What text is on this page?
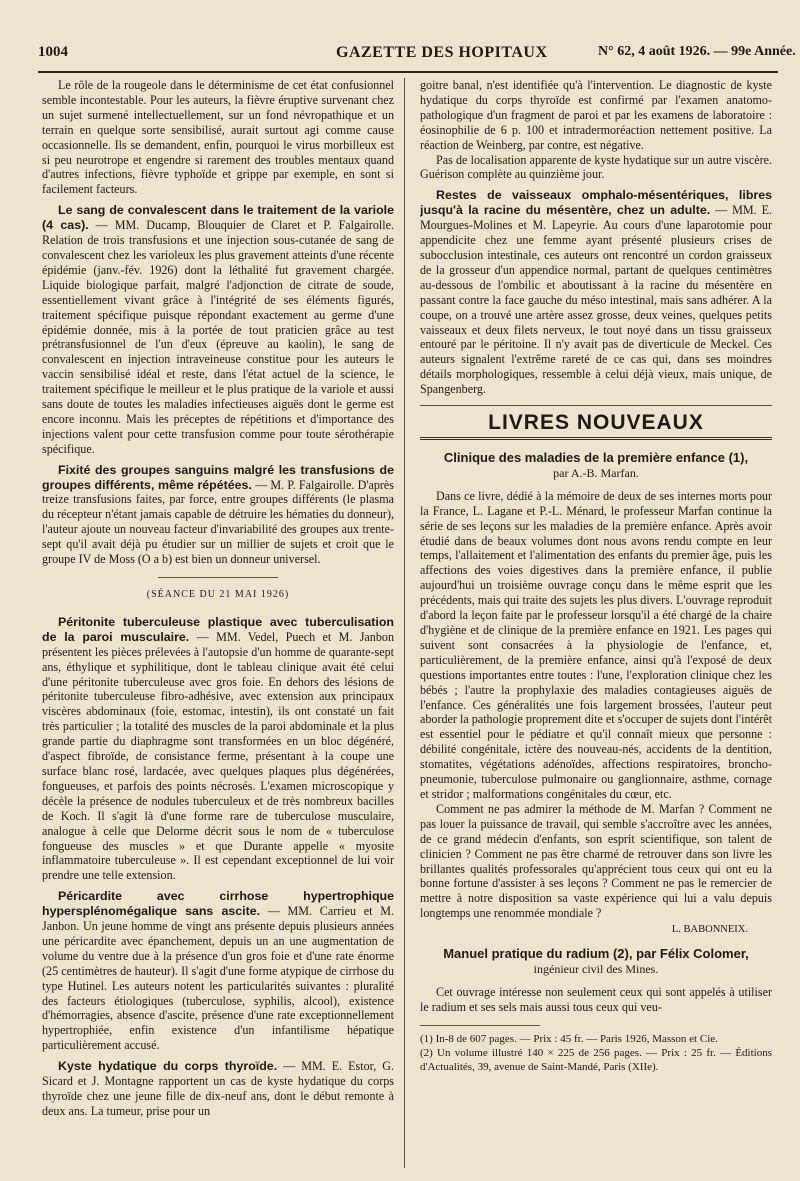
1004	GAZETTE DES HOPITAUX	N° 62, 4 août 1926. — 99e Année.

Le rôle de la rougeole dans le déterminisme de cet état confusionnel semble incontestable. Pour les auteurs, la fièvre éruptive survenant chez un sujet surmené intellectuellement, sur un fond névropathique et un terrain en quelque sorte sensibilisé, aurait surtout agi comme cause occasionnelle. Ils se demandent, enfin, pourquoi le virus morbilleux est si peu neurotrope et engendre si rarement des troubles mentaux quand d'autres infections, fièvre typhoïde et grippe par exemple, en sont si facilement facteurs.

Le sang de convalescent dans le traitement de la variole (4 cas). — MM. Ducamp, Blouquier de Claret et P. Falgairolle. Relation de trois transfusions et une injection sous-cutanée de sang de convalescent chez les varioleux les plus gravement atteints d'une récente épidémie (janv.-fév. 1926) dont la léthalité fut gravement chargée. Liquide biologique parfait, malgré l'adjonction de citrate de soude, essentiellement vivant grâce à l'intégrité de ses éléments figurés, traitement spécifique puisque répondant exactement au germe d'une épidémie donnée, mis à la portée de tout praticien grâce au test prétransfusionnel de l'un d'eux (épreuve au kaolin), le sang de convalescent en injection intraveineuse constitue pour les auteurs le vaccin sensibilisé idéal et reste, dans l'état actuel de la science, le traitement spécifique le meilleur et le plus pratique de la variole et aussi sans doute de toutes les maladies infectieuses aiguës dont le germe est encore inconnu. Mais les préceptes de répétitions et d'importance des injections valent pour cette transfusion comme pour toute sérothérapie spécifique.

Fixité des groupes sanguins malgré les transfusions de groupes différents, même répétées. — M. P. Falgairolle. D'après treize transfusions faites, par force, entre groupes différents (le plasma du récepteur n'étant jamais capable de détruire les hématies du donneur), l'auteur ajoute un nouveau facteur d'invariabilité des groupes aux trente-sept qu'il avait déjà pu étudier sur un millier de sujets et croit que le groupe IV de Moss (O a b) est bien un donneur universel.

(SÉANCE DU 21 MAI 1926)

Péritonite tuberculeuse plastique avec tuberculisation de la paroi musculaire. — MM. Vedel, Puech et M. Janbon présentent les pièces prélevées à l'autopsie d'un homme de quarante-sept ans, éthylique et syphilitique, dont le tableau clinique avait été celui d'une péritonite tuberculeuse avec gros foie. En dehors des lésions de péritonite tuberculeuse fibro-adhésive, avec extension aux principaux viscères abdominaux (foie, estomac, intestin), ils ont constaté un fait très particulier ; la totalité des muscles de la paroi abdominale et la plus grande partie du diaphragme sont transformées en un bloc dégénéré, d'aspect fibroïde, de consistance ferme, présentant à la coupe une surface blanc rosé, lardacée, avec quelques plaques plus dégénérées, fongueuses, et parfois des points nécrosés. L'examen microscopique y décèle la présence de nodules tuberculeux et de très nombreux bacilles de Koch. Il s'agit là d'une forme rare de tuberculose musculaire, analogue à celle que Delorme décrit sous le nom de « tuberculose fongueuse des muscles » et que Durante appelle « myosite inflammatoire tuberculeuse ». Il est cependant exceptionnel de lui voir prendre une telle extension.

Péricardite avec cirrhose hypertrophique hypersplénomégalique sans ascite. — MM. Carrieu et M. Janbon. Un jeune homme de vingt ans présente depuis plusieurs années une péricardite avec épanchement, depuis un an une augmentation de volume du ventre due à la présence d'un gros foie et d'une rate énorme (25 centimètres de hauteur). Il s'agit d'une forme atypique de cirrhose du type Hutinel. Les auteurs notent les particularités suivantes : pluralité des facteurs étiologiques (tuberculose, syphilis, alcool), existence d'hémorragies, absence d'ascite, présence d'une rate exceptionnellement hypertrophiée, enfin existence d'un infantilisme hépatique particulièrement accusé.

Kyste hydatique du corps thyroïde. — MM. E. Estor, G. Sicard et J. Montagne rapportent un cas de kyste hydatique du corps thyroïde chez une jeune fille de dix-neuf ans, dont le début remonte à deux ans. La tumeur, prise pour un

goitre banal, n'est identifiée qu'à l'intervention. Le diagnostic de kyste hydatique du corps thyroïde est confirmé par l'examen anatomo-pathologique d'un fragment de paroi et par les examens de laboratoire : éosinophilie de 6 p. 100 et intradermoréaction nettement positive. La réaction de Weinberg, par contre, est négative.

Pas de localisation apparente de kyste hydatique sur un autre viscère. Guérison complète au quinzième jour.

Restes de vaisseaux omphalo-mésentériques, libres jusqu'à la racine du mésentère, chez un adulte. — MM. E. Mourgues-Molines et M. Lapeyrie. Au cours d'une laparotomie pour appendicite chez une femme ayant présenté plusieurs crises de subocclusion intestinale, ces auteurs ont rencontré un cordon graisseux de la grosseur d'un appendice normal, partant de quelques centimètres au-dessous de l'ombilic et aboutissant à la racine du mésentère en passant contre la face gauche du méso intestinal, mais sans adhérer. A la coupe, on a trouvé une artère assez grosse, deux veines, quelques petits vaisseaux et deux filets nerveux, le tout noyé dans un tissu graisseux entouré par le péritoine. Il n'y avait pas de diverticule de Meckel. Ces auteurs signalent l'extrême rareté de ce cas qui, dans ses moindres détails morphologiques, ressemble à celui déjà vieux, mais unique, de Spangenberg.

LIVRES NOUVEAUX
Clinique des maladies de la première enfance (1),
par A.-B. Marfan.

Dans ce livre, dédié à la mémoire de deux de ses internes morts pour la France, L. Lagane et P.-L. Ménard, le professeur Marfan continue la série de ses leçons sur les maladies de la première enfance. Après avoir étudié dans de beaux volumes dont nous avons rendu compte en leur temps, l'allaitement et l'alimentation des enfants du premier âge, puis les affections des voies digestives dans la première enfance, il publie aujourd'hui un troisième ouvrage conçu dans le même esprit que les précédents, mais qui traite des sujets les plus divers. L'ouvrage reproduit d'abord la leçon faite par le professeur lorsqu'il a été chargé de la chaire d'hygiène et de clinique de la première enfance en 1921. Les pages qui suivent sont consacrées à la physiologie de l'enfance, et, particulièrement, de la première enfance, ainsi qu'à l'exposé de deux questions importantes entre toutes : l'une, l'exploration clinique chez les bébés ; l'autre la prophylaxie des maladies contagieuses aiguës de l'enfance. Ces généralités une fois largement brossées, l'auteur peut aborder la pathologie proprement dite et s'occuper de sujets dont l'intérêt est essentiel pour le pédiatre et qu'il connaît mieux que personne : débilité congénitale, ictère des nouveau-nés, accidents de la dentition, stomatites, végétations adénoïdes, affections respiratoires, broncho-pneumonie, tuberculose pulmonaire ou ganglionnaire, asthme, cornage et stridor ; malformations congénitales du cœur, etc.

Comment ne pas admirer la méthode de M. Marfan ? Comment ne pas louer la puissance de travail, qui semble s'accroître avec les années, de ce grand médecin d'enfants, son esprit scientifique, son talent de clinicien ? Comment ne pas être charmé de retrouver dans son livre les brillantes qualités professorales qu'apprécient tous ceux qui ont eu la bonne fortune d'assister à ses leçons ? Comment ne pas le remercier de mettre à notre disposition sa vaste expérience qui lui a valu depuis longtemps une renommée mondiale ?

L. BABONNEIX.
Manuel pratique du radium (2), par Félix Colomer,
ingénieur civil des Mines.

Cet ouvrage intéresse non seulement ceux qui sont appelés à utiliser le radium et ses sels mais aussi tous ceux qui veu-

(1) In-8 de 607 pages. — Prix : 45 fr. — Paris 1926, Masson et Cie.

(2) Un volume illustré 140 × 225 de 256 pages. — Prix : 25 fr. — Éditions d'Actualités, 39, avenue de Saint-Mandé, Paris (XIIe).
